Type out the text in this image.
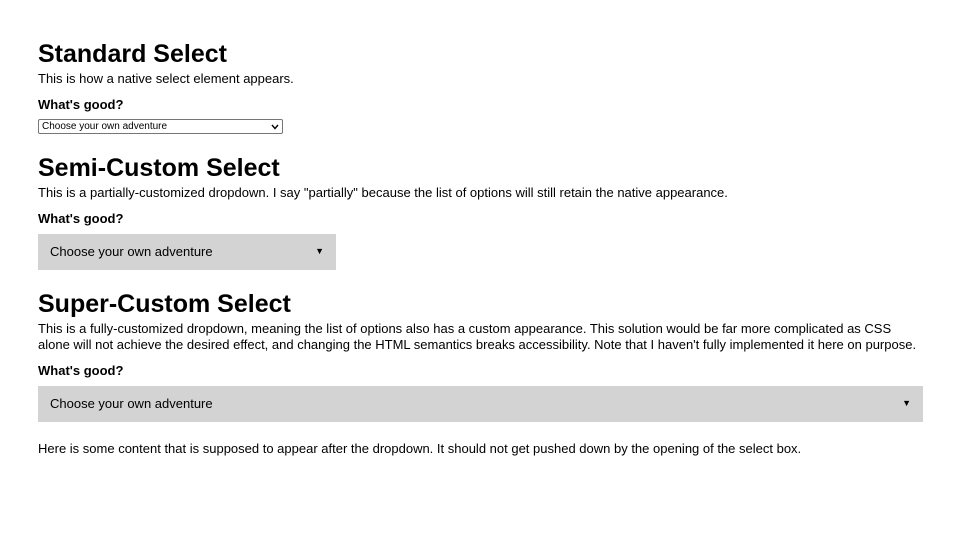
Standard Select

This is how a native select element appears.

What's good?
Choose your own adventure
Semi-Custom Select

This is a partially-customized dropdown. I say "partially" because the list of options will still retain the native appearance.

What's good?
Choose your own adventure	▼
Super-Custom Select

This is a fully-customized dropdown, meaning the list of options also has a custom appearance. This solution would be far more complicated as CSS alone will not achieve the desired effect, and changing the HTML semantics breaks accessibility. Note that I haven't fully implemented it here on purpose.

What's good?
Choose your own adventure	▼

Here is some content that is supposed to appear after the dropdown. It should not get pushed down by the opening of the select box.
